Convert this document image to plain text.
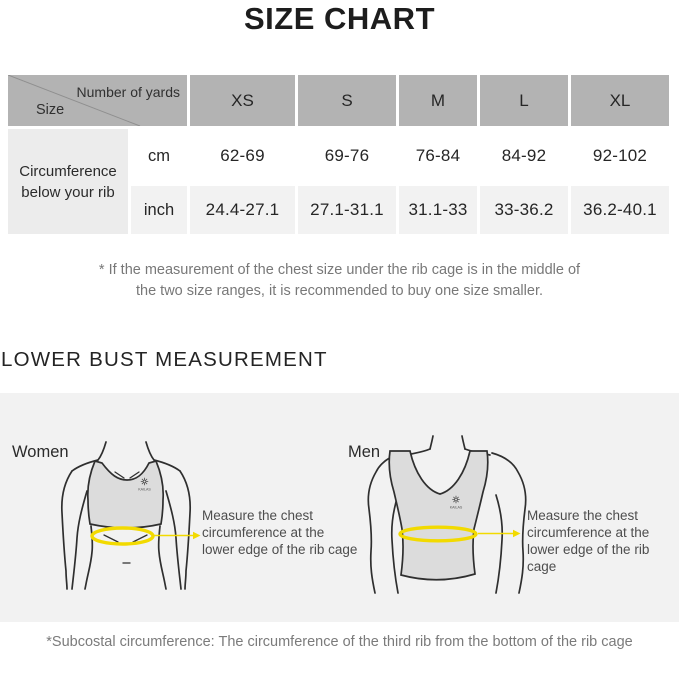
SIZE CHART
Number of yards
Size		XS	S	M	L	XL
Circumference below your rib	cm	62-69	69-76	76-84	84-92	92-102
	inch	24.4-27.1	27.1-31.1	31.1-33	33-36.2	36.2-40.1
* If the measurement of the chest size under the rib cage is in the middle of
the two size ranges, it is recommended to buy one size smaller.
LOWER BUST MEASUREMENT
KAILAS
KAILAS
Women	Men
Measure the chest
circumference at the
lower edge of the rib cage
Measure the chest
circumference at the
lower edge of the rib cage
*Subcostal circumference: The circumference of the third rib from the bottom of the rib cage
